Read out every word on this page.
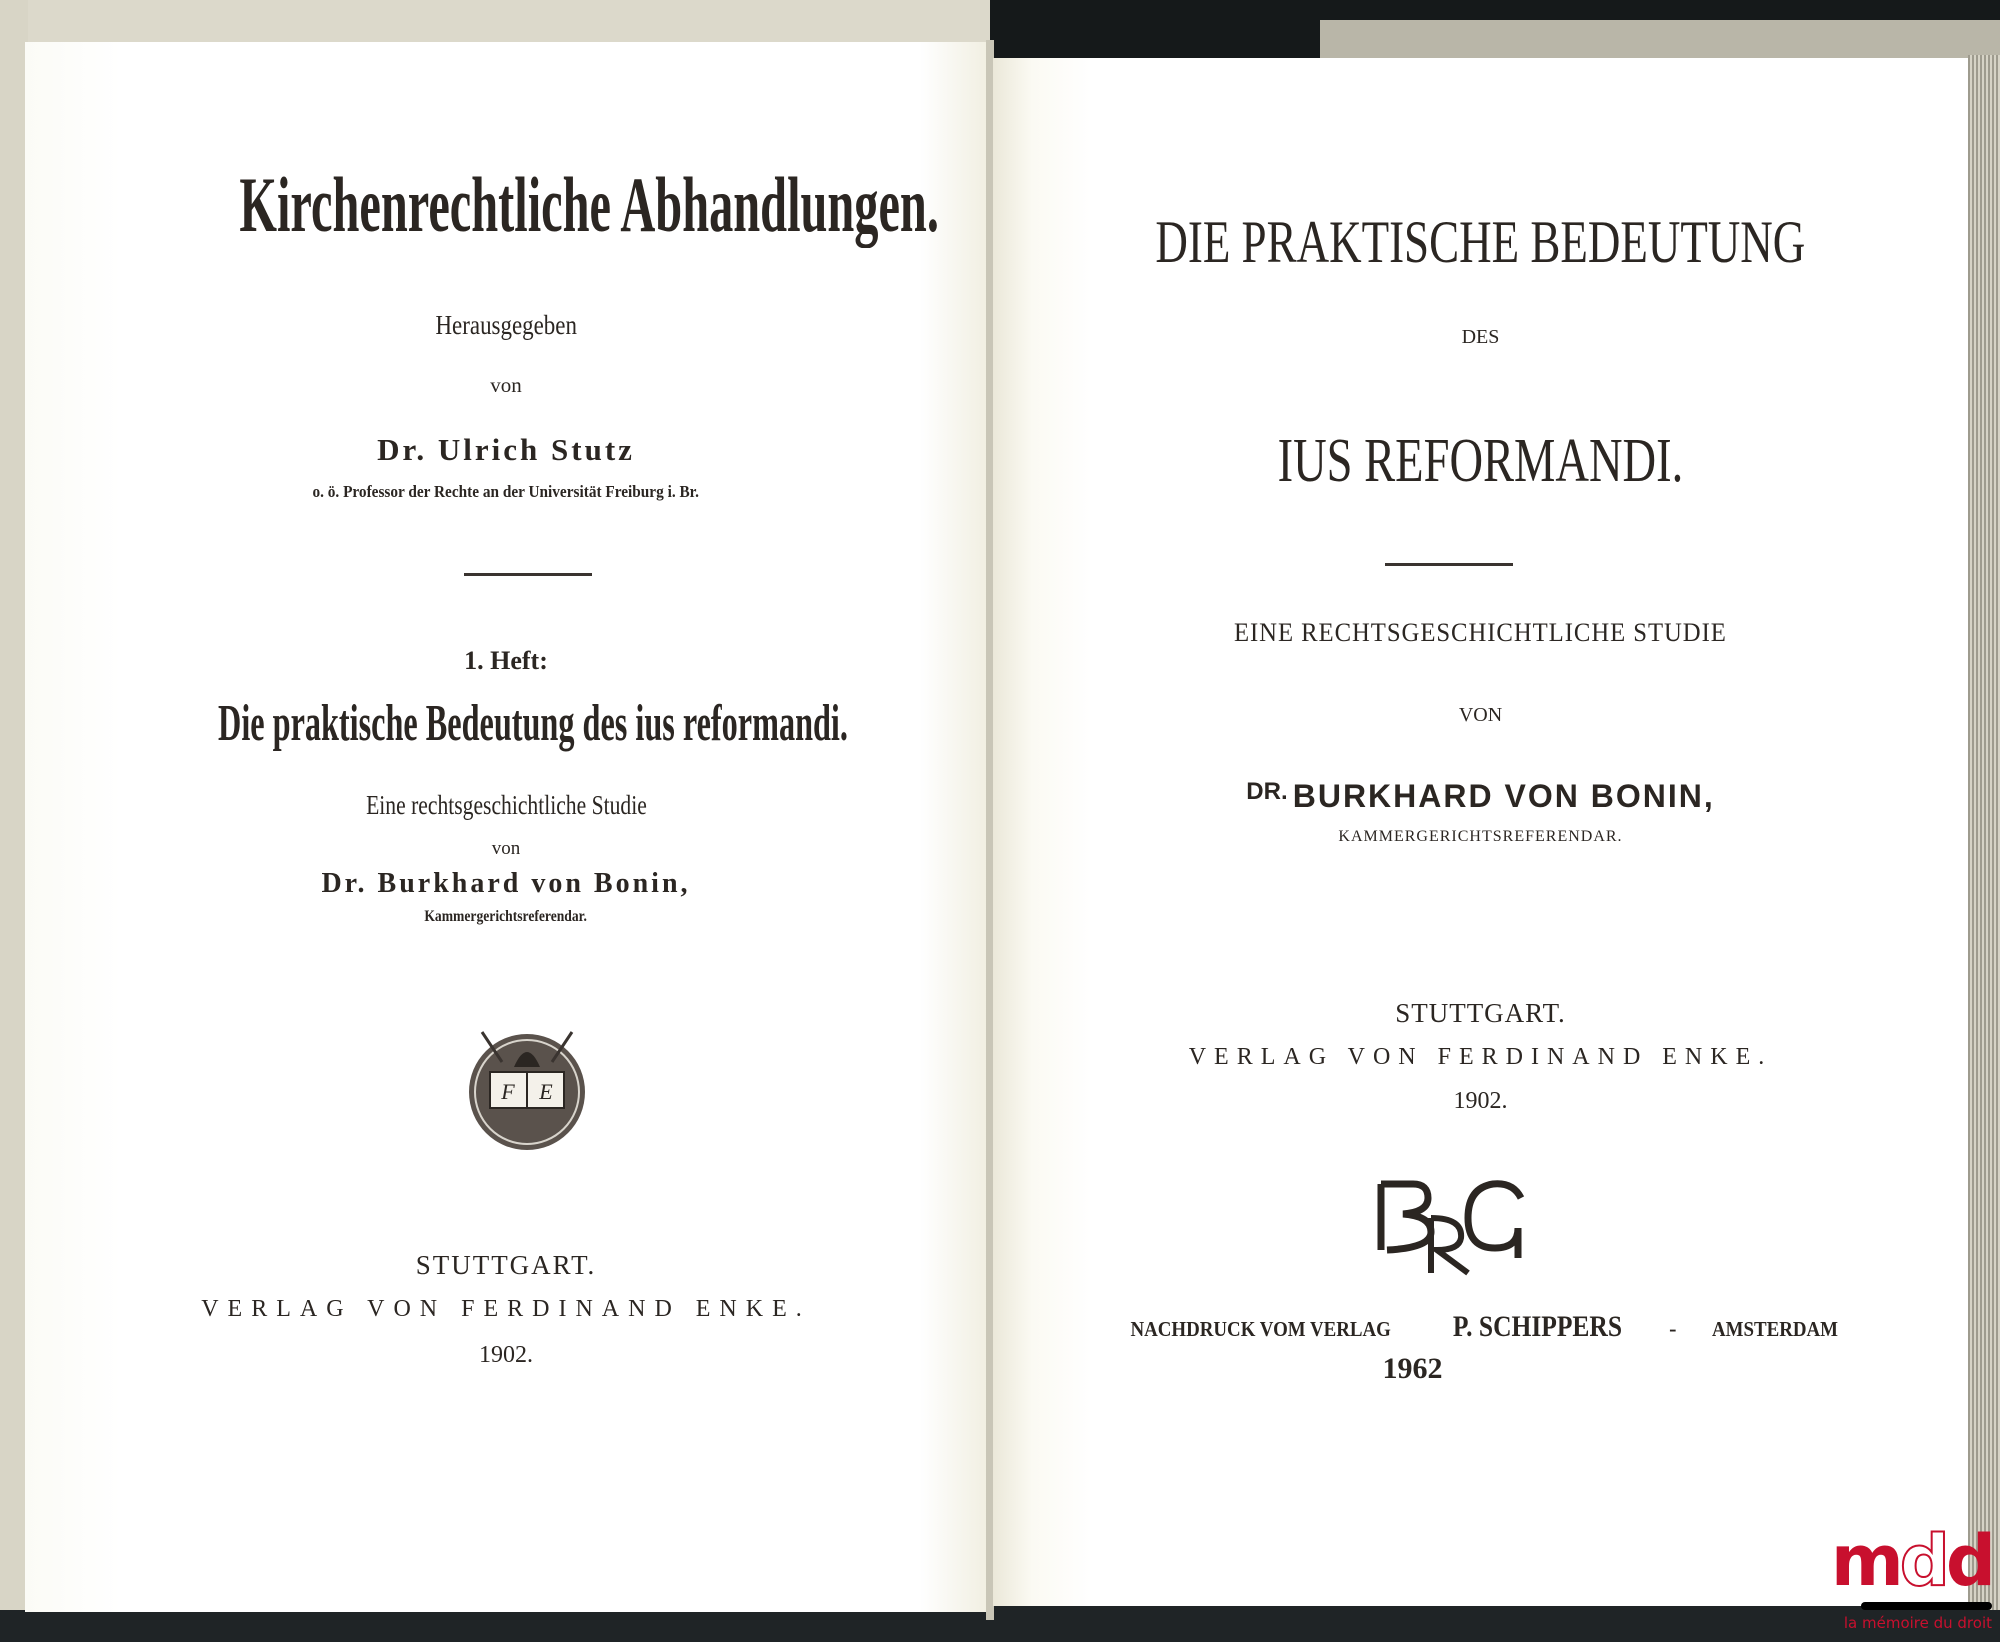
Kirchenrechtliche Abhandlungen.
Herausgegeben
von
Dr. Ulrich Stutz
o. ö. Professor der Rechte an der Universität Freiburg i. Br.
1. Heft:
Die praktische Bedeutung des ius reformandi.
Eine rechtsgeschichtliche Studie
von
Dr. Burkhard von Bonin,
Kammergerichtsreferendar.
F E
STUTTGART.
VERLAG VON FERDINAND ENKE.
1902.
DIE PRAKTISCHE BEDEUTUNG
DES
IUS REFORMANDI.
EINE RECHTSGESCHICHTLICHE STUDIE
VON
DR. BURKHARD VON BONIN,
KAMMERGERICHTSREFERENDAR.
STUTTGART.
VERLAG VON FERDINAND ENKE.
1902.
NACHDRUCK VOM VERLAG P. SCHIPPERS - AMSTERDAM
1962
mdd
la mémoire du droit
